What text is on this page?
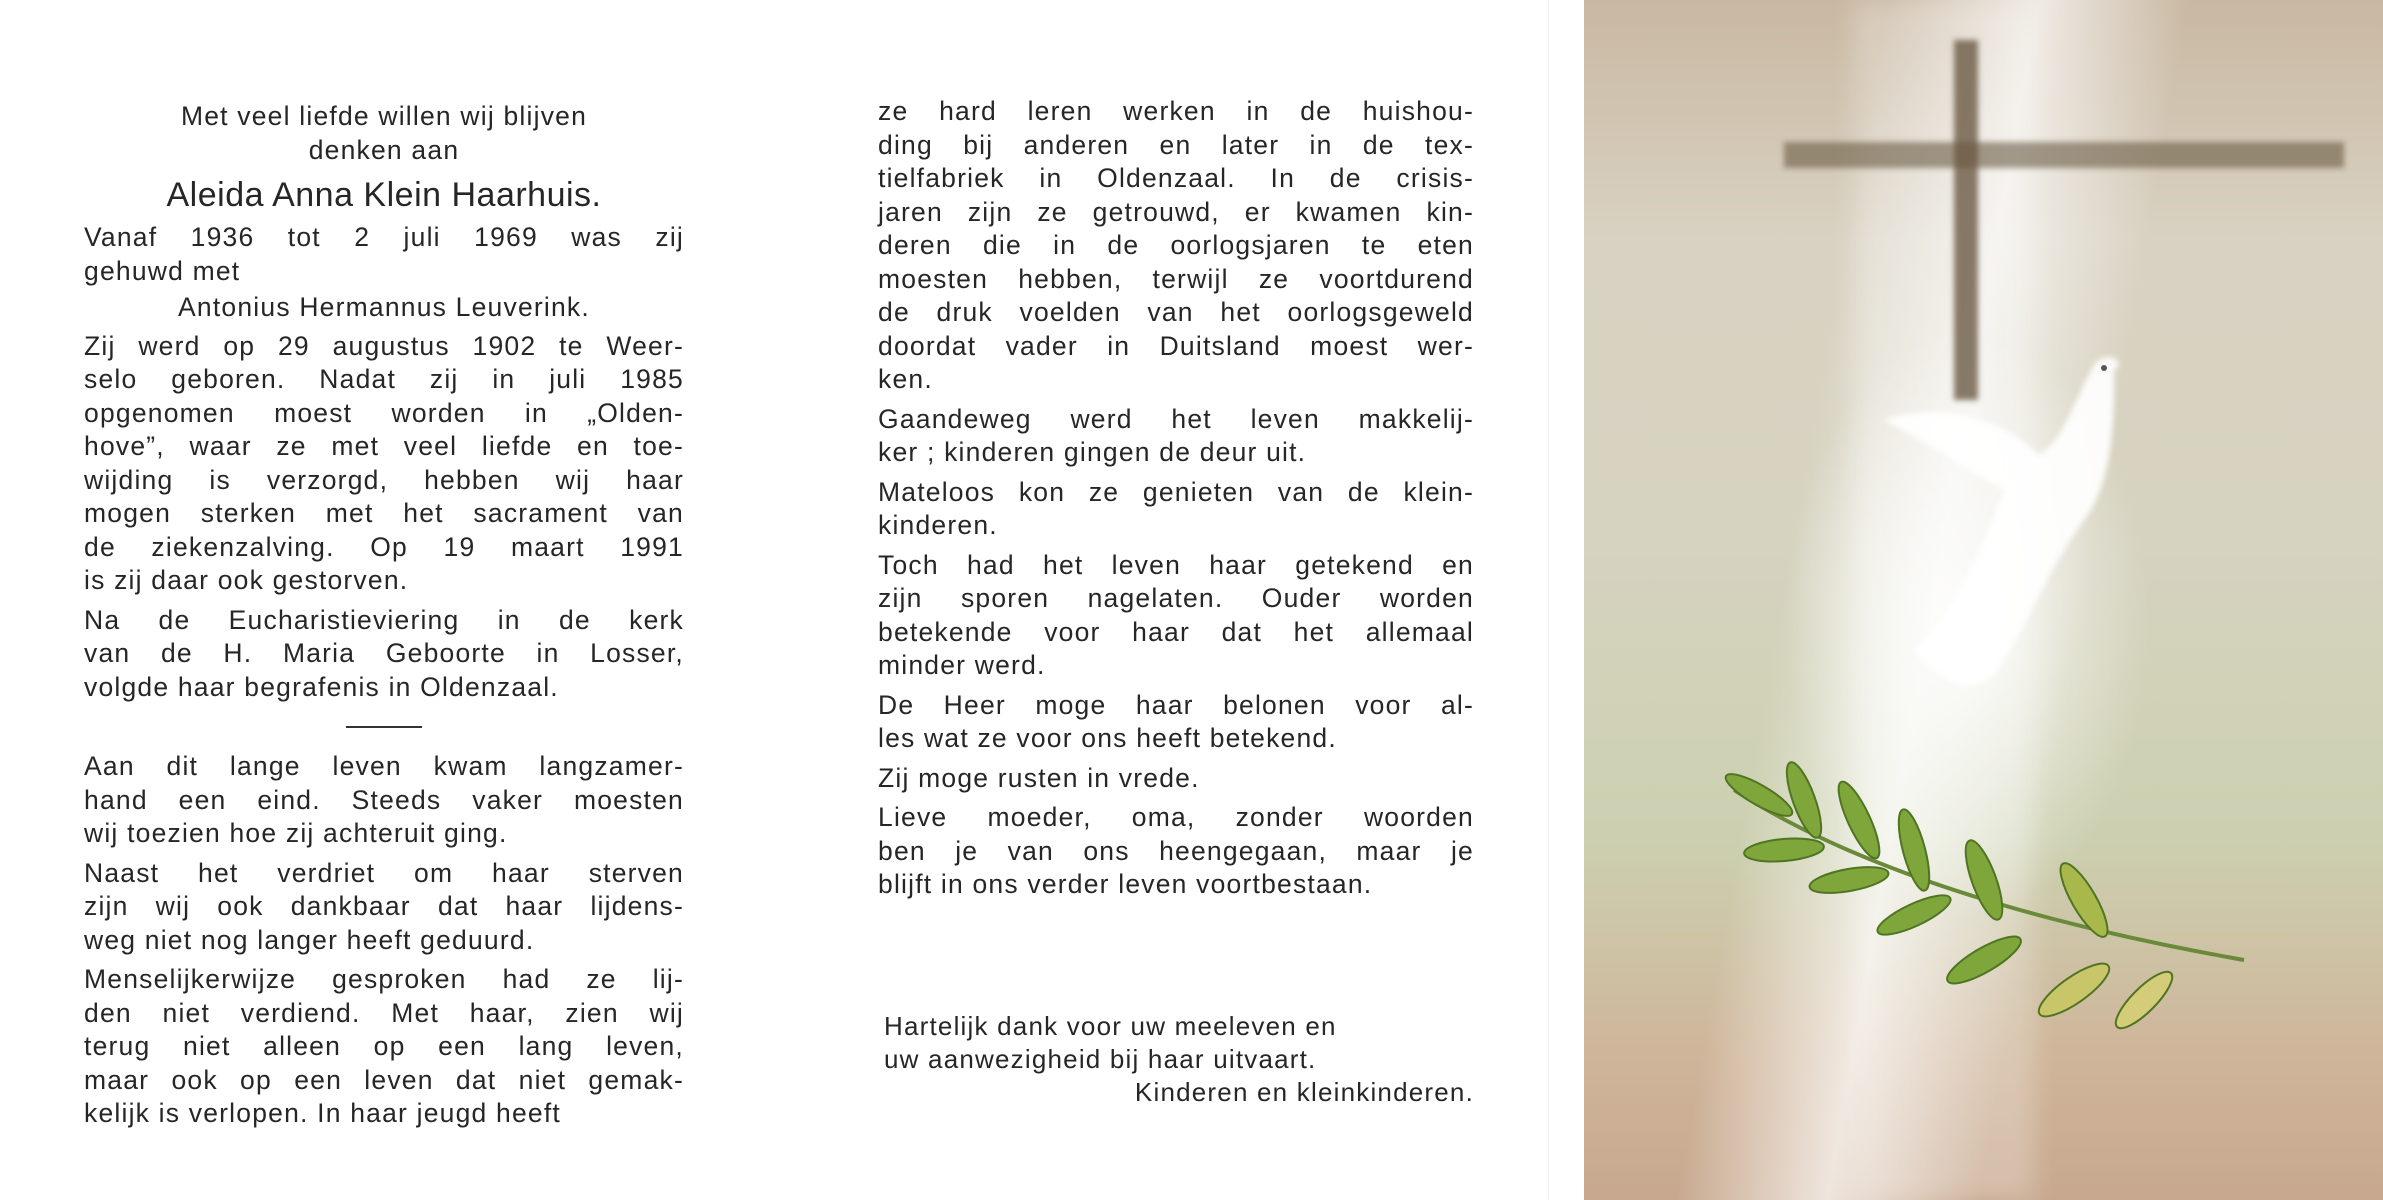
Met veel liefde willen wij blijven
denken aan
Aleida Anna Klein Haarhuis.
Vanaf 1936 tot 2 juli 1969 was zij
gehuwd met
Antonius Hermannus Leuverink.
Zij werd op 29 augustus 1902 te Weer-
selo geboren. Nadat zij in juli 1985
opgenomen moest worden in „Olden-
hove”, waar ze met veel liefde en toe-
wijding is verzorgd, hebben wij haar
mogen sterken met het sacrament van
de ziekenzalving. Op 19 maart 1991
is zij daar ook gestorven.
Na de Eucharistieviering in de kerk
van de H. Maria Geboorte in Losser,
volgde haar begrafenis in Oldenzaal.
Aan dit lange leven kwam langzamer-
hand een eind. Steeds vaker moesten
wij toezien hoe zij achteruit ging.
Naast het verdriet om haar sterven
zijn wij ook dankbaar dat haar lijdens-
weg niet nog langer heeft geduurd.
Menselijkerwijze gesproken had ze lij-
den niet verdiend. Met haar, zien wij
terug niet alleen op een lang leven,
maar ook op een leven dat niet gemak-
kelijk is verlopen. In haar jeugd heeft
ze hard leren werken in de huishou-
ding bij anderen en later in de tex-
tielfabriek in Oldenzaal. In de crisis-
jaren zijn ze getrouwd, er kwamen kin-
deren die in de oorlogsjaren te eten
moesten hebben, terwijl ze voortdurend
de druk voelden van het oorlogsgeweld
doordat vader in Duitsland moest wer-
ken.
Gaandeweg werd het leven makkelij-
ker ; kinderen gingen de deur uit.
Mateloos kon ze genieten van de klein-
kinderen.
Toch had het leven haar getekend en
zijn sporen nagelaten. Ouder worden
betekende voor haar dat het allemaal
minder werd.
De Heer moge haar belonen voor al-
les wat ze voor ons heeft betekend.
Zij moge rusten in vrede.
Lieve moeder, oma, zonder woorden
ben je van ons heengegaan, maar je
blijft in ons verder leven voortbestaan.
Hartelijk dank voor uw meeleven en
uw aanwezigheid bij haar uitvaart.
Kinderen en kleinkinderen.
